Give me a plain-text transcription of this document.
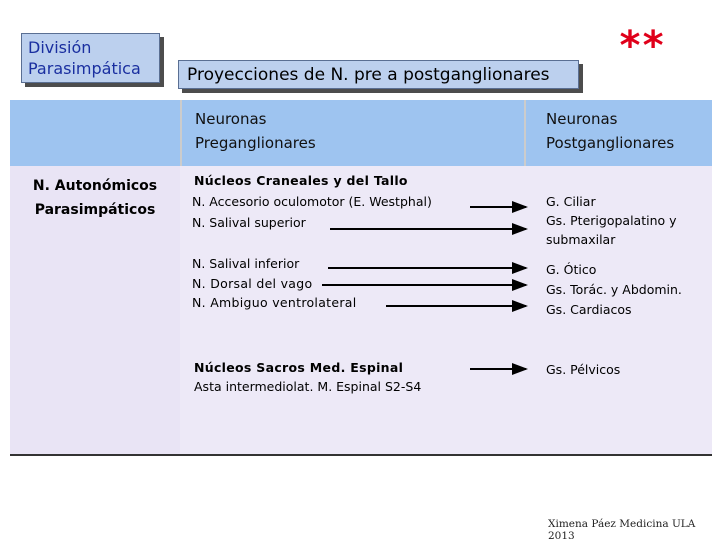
División
Parasimpática	Proyecciones de N. pre a postganglionares
**
Neuronas
Preganglionares
Neuronas
Postganglionares
N. Autonómicos
Parasimpáticos
Núcleos Craneales y del Tallo
N. Accesorio oculomotor (E. Westphal)
N. Salival superior
G. Ciliar
Gs. Pterigopalatino y
submaxilar
N. Salival inferior
N. Dorsal del vago
N. Ambiguo ventrolateral
G. Ótico
Gs. Torác. y Abdomin.
Gs. Cardiacos
Núcleos Sacros Med. Espinal
Asta intermediolat. M. Espinal S2-S4
Gs. Pélvicos
Ximena Páez Medicina ULA 2013
